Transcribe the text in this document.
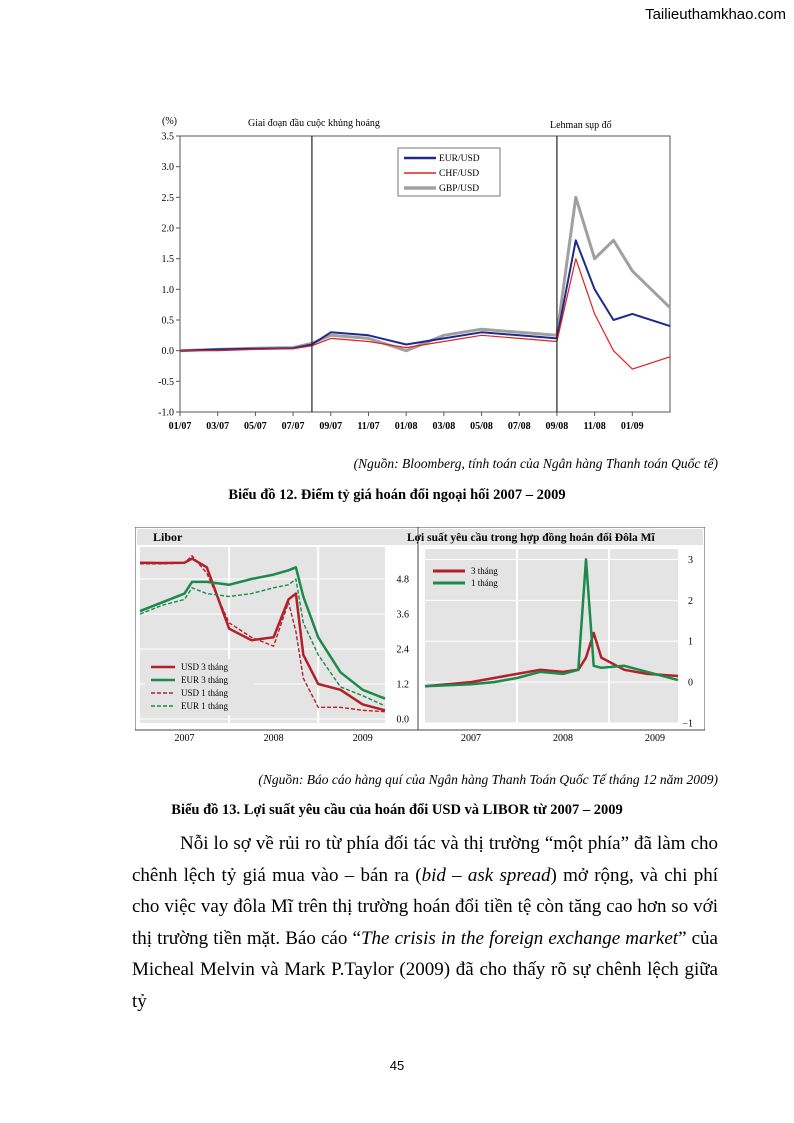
Tailieuthamkhao.com
3.5
3.0
2.5
2.0
1.5
1.0
0.5
0.0
-0.5
-1.0
01/07 03/07 05/07 07/07 09/07 11/07 01/08 03/08 05/08 07/08 09/08 11/08 01/09
(%)	Giai đoạn đầu cuộc khủng hoảng	Lehman sụp đổ
EUR/USD
CHF/USD
GBP/USD
(Nguồn: Bloomberg, tính toán của Ngân hàng Thanh toán Quốc tế)
Biểu đồ 12. Điểm tỷ giá hoán đổi ngoại hối 2007 – 2009
Libor
4.8
3.6
2.4
1.2
0.0
USD 3 tháng
EUR 3 tháng
USD 1 tháng
EUR 1 tháng
Lợi suất yêu cầu trong hợp đồng hoán đổi Đôla Mĩ
3
2
1
0
−1
3 tháng
1 tháng
2007	2008	2009	2007	2008	2009
(Nguồn: Báo cáo hàng quí của Ngân hàng Thanh Toán Quốc Tế tháng 12 năm 2009)
Biểu đồ 13. Lợi suất yêu cầu của hoán đổi USD và LIBOR từ 2007 – 2009

Nỗi lo sợ về rủi ro từ phía đối tác và thị trường “một phía” đã làm cho chênh lệch tỷ giá mua vào – bán ra (bid – ask spread) mở rộng, và chi phí cho việc vay đôla Mĩ trên thị trường hoán đổi tiền tệ còn tăng cao hơn so với thị trường tiền mặt. Báo cáo “The crisis in the foreign exchange market” của Micheal Melvin và Mark P.Taylor (2009) đã cho thấy rõ sự chênh lệch giữa tỷ

45
